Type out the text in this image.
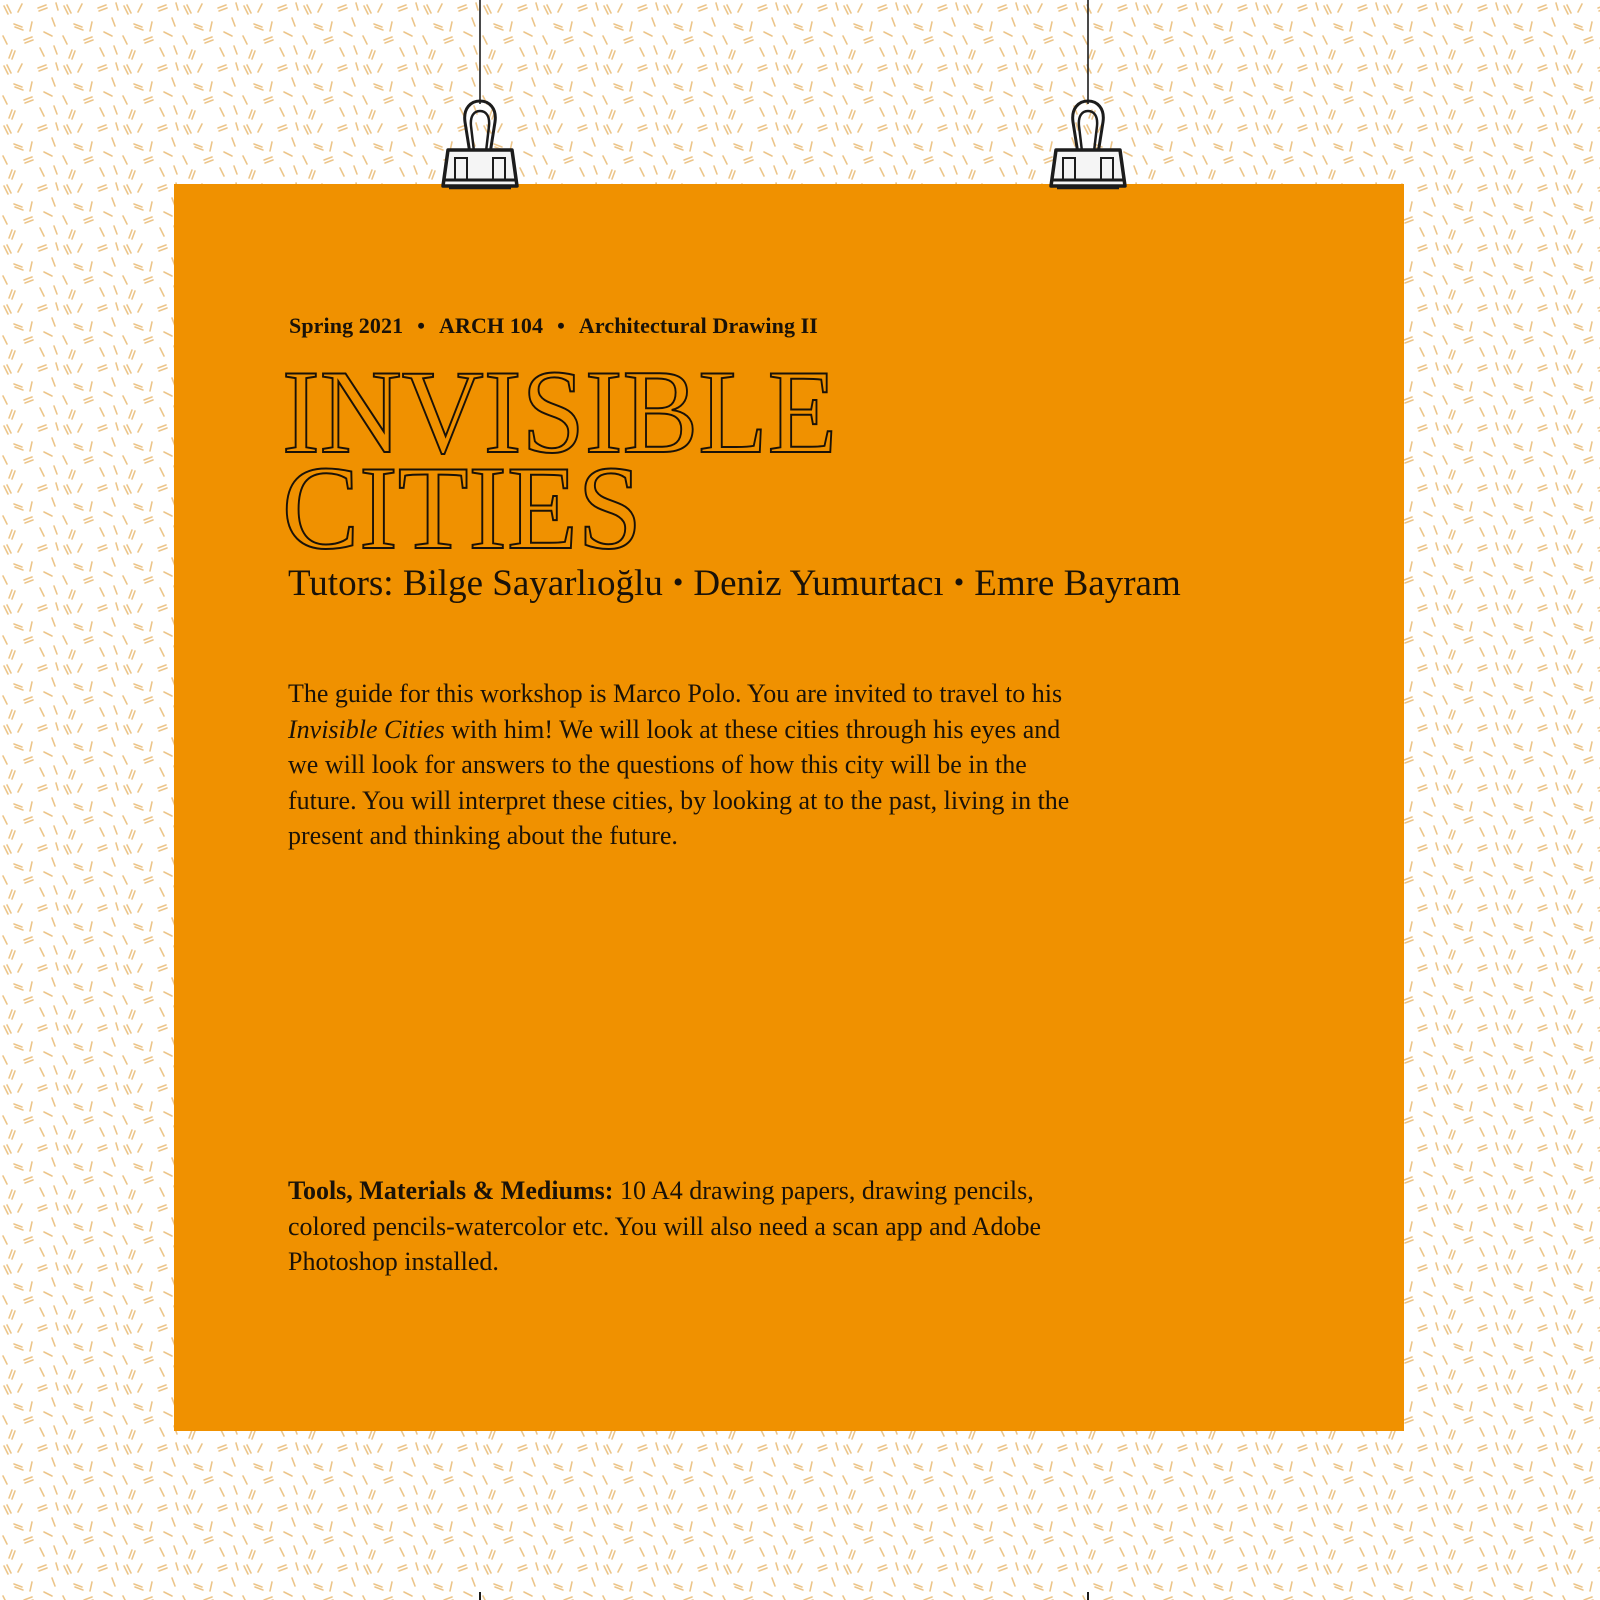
Spring 2021 • ARCH 104 • Architectural Drawing II
INVISIBLE
CITIES
Tutors: Bilge Sayarlıoğlu • Deniz Yumurtacı • Emre Bayram
The guide for this workshop is Marco Polo. You are invited to travel to his Invisible Cities with him! We will look at these cities through his eyes and we will look for answers to the questions of how this city will be in the future. You will interpret these cities, by looking at to the past, living in the present and thinking about the future.
Tools, Materials & Mediums: 10 A4 drawing papers, drawing pencils, colored pencils-watercolor etc. You will also need a scan app and Adobe Photoshop installed.
